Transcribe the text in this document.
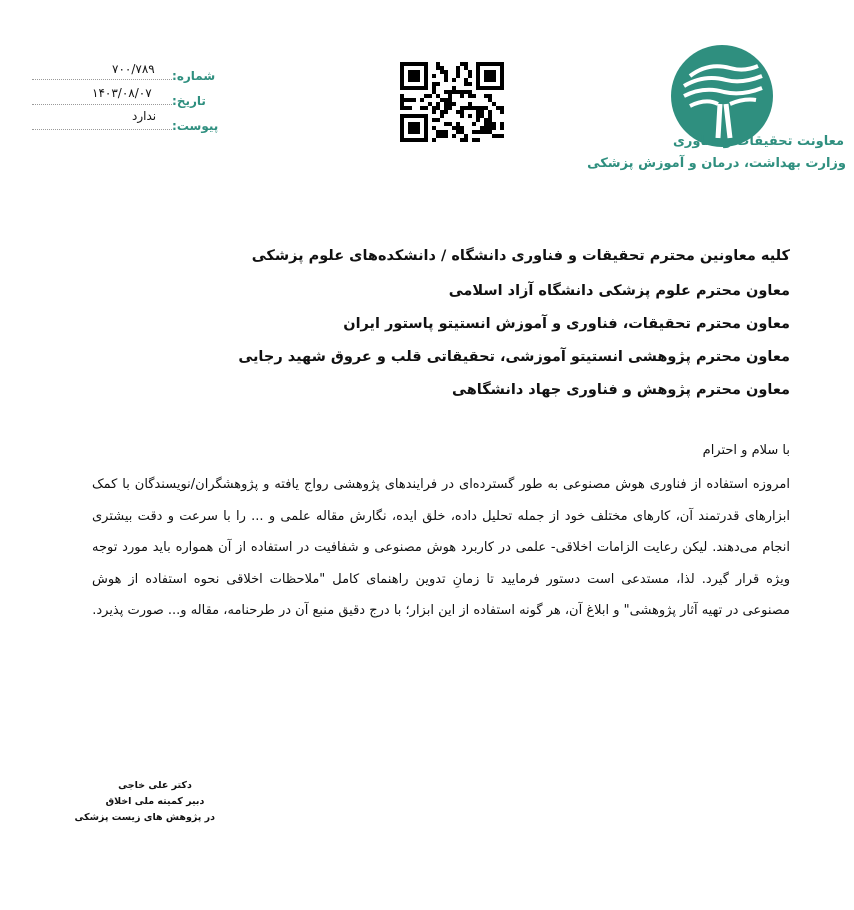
معاونت تحقیقات و فناوری
وزارت بهداشت، درمان و آموزش پزشکی
شماره:
۷۰۰/۷۸۹
تاریخ:
۱۴۰۳/۰۸/۰۷
پیوست:
ندارد
کلیه معاونین محترم تحقیقات و فناوری دانشگاه / دانشکده‌های علوم پزشکی
معاون محترم علوم پزشکی دانشگاه آزاد اسلامی
معاون محترم تحقیقات، فناوری و آموزش انستیتو پاستور ایران
معاون محترم پژوهشی انستیتو آموزشی، تحقیقاتی قلب و عروق شهید رجایی
معاون محترم پژوهش و فناوری جهاد دانشگاهی
با سلام و احترام
امروزه استفاده از فناوری هوش مصنوعی به طور گسترده‌ای در فرایندهای پژوهشی رواج یافته و پژوهشگران/نویسندگان با کمک ابزارهای قدرتمند آن، کارهای مختلف خود از جمله تحلیل داده، خلق ایده، نگارش مقاله علمی و ... را با سرعت و دقت بیشتری انجام می‌دهند. لیکن رعایت الزامات اخلاقی- علمی در کاربرد هوش مصنوعی و شفافیت در استفاده از آن همواره باید مورد توجه ویژه قرار گیرد. لذا، مستدعی است دستور فرمایید تا زمانِ تدوین راهنمای کامل "ملاحظات اخلاقی نحوه استفاده از هوش مصنوعی در تهیه آثار پژوهشی" و ابلاغ آن، هر گونه استفاده از این ابزار؛ با درج دقیق منبع آن در طرحنامه، مقاله و... صورت پذیرد.
دکتر علی خاجی
دبیر کمیته ملی اخلاق
در پژوهش های زیست پزشکی
